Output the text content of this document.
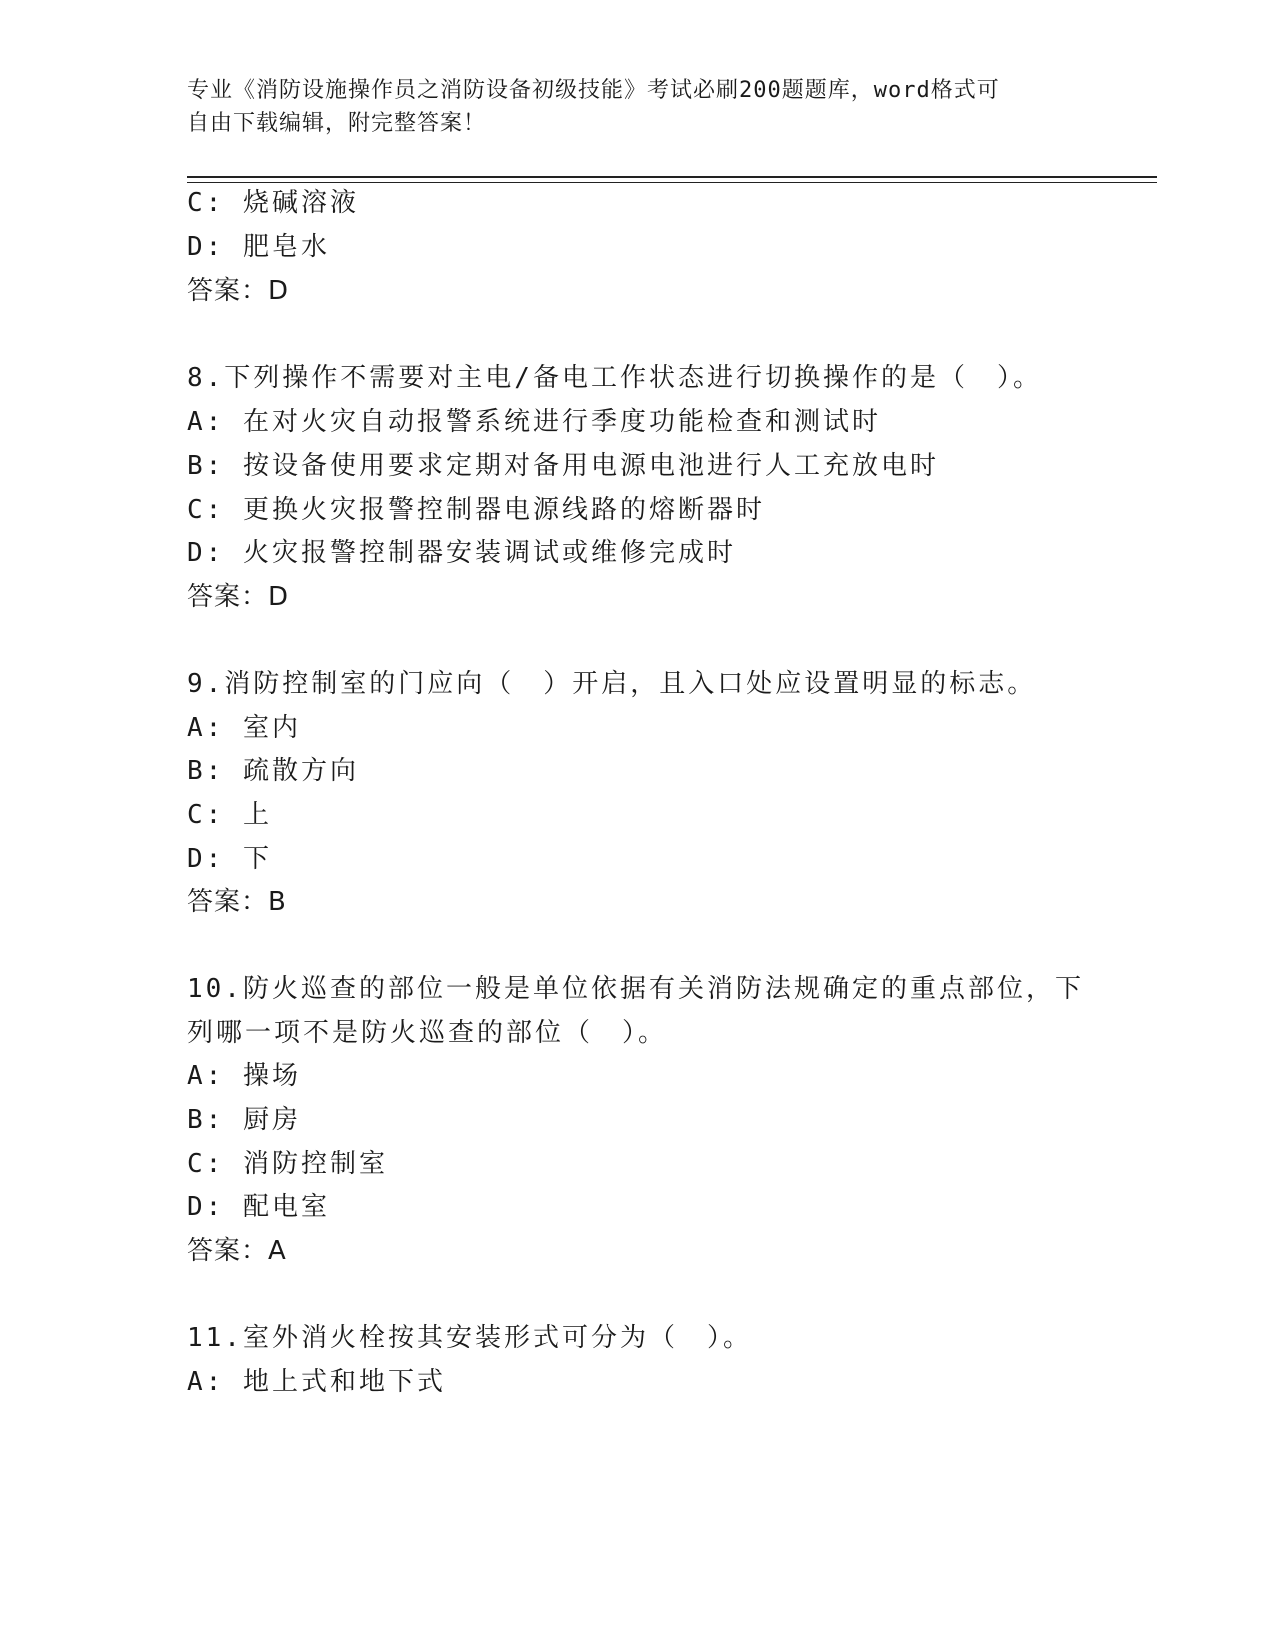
专业《消防设施操作员之消防设备初级技能》考试必刷200题题库，word格式可
自由下载编辑，附完整答案！
C: 烧碱溶液
D: 肥皂水
答案：D
8.下列操作不需要对主电/备电工作状态进行切换操作的是（　）。
A: 在对火灾自动报警系统进行季度功能检查和测试时
B: 按设备使用要求定期对备用电源电池进行人工充放电时
C: 更换火灾报警控制器电源线路的熔断器时
D: 火灾报警控制器安装调试或维修完成时
答案：D
9.消防控制室的门应向（　）开启，且入口处应设置明显的标志。
A: 室内
B: 疏散方向
C: 上
D: 下
答案：B
10.防火巡查的部位一般是单位依据有关消防法规确定的重点部位，下
列哪一项不是防火巡查的部位（　）。
A: 操场
B: 厨房
C: 消防控制室
D: 配电室
答案：A
11.室外消火栓按其安装形式可分为（　）。
A: 地上式和地下式
